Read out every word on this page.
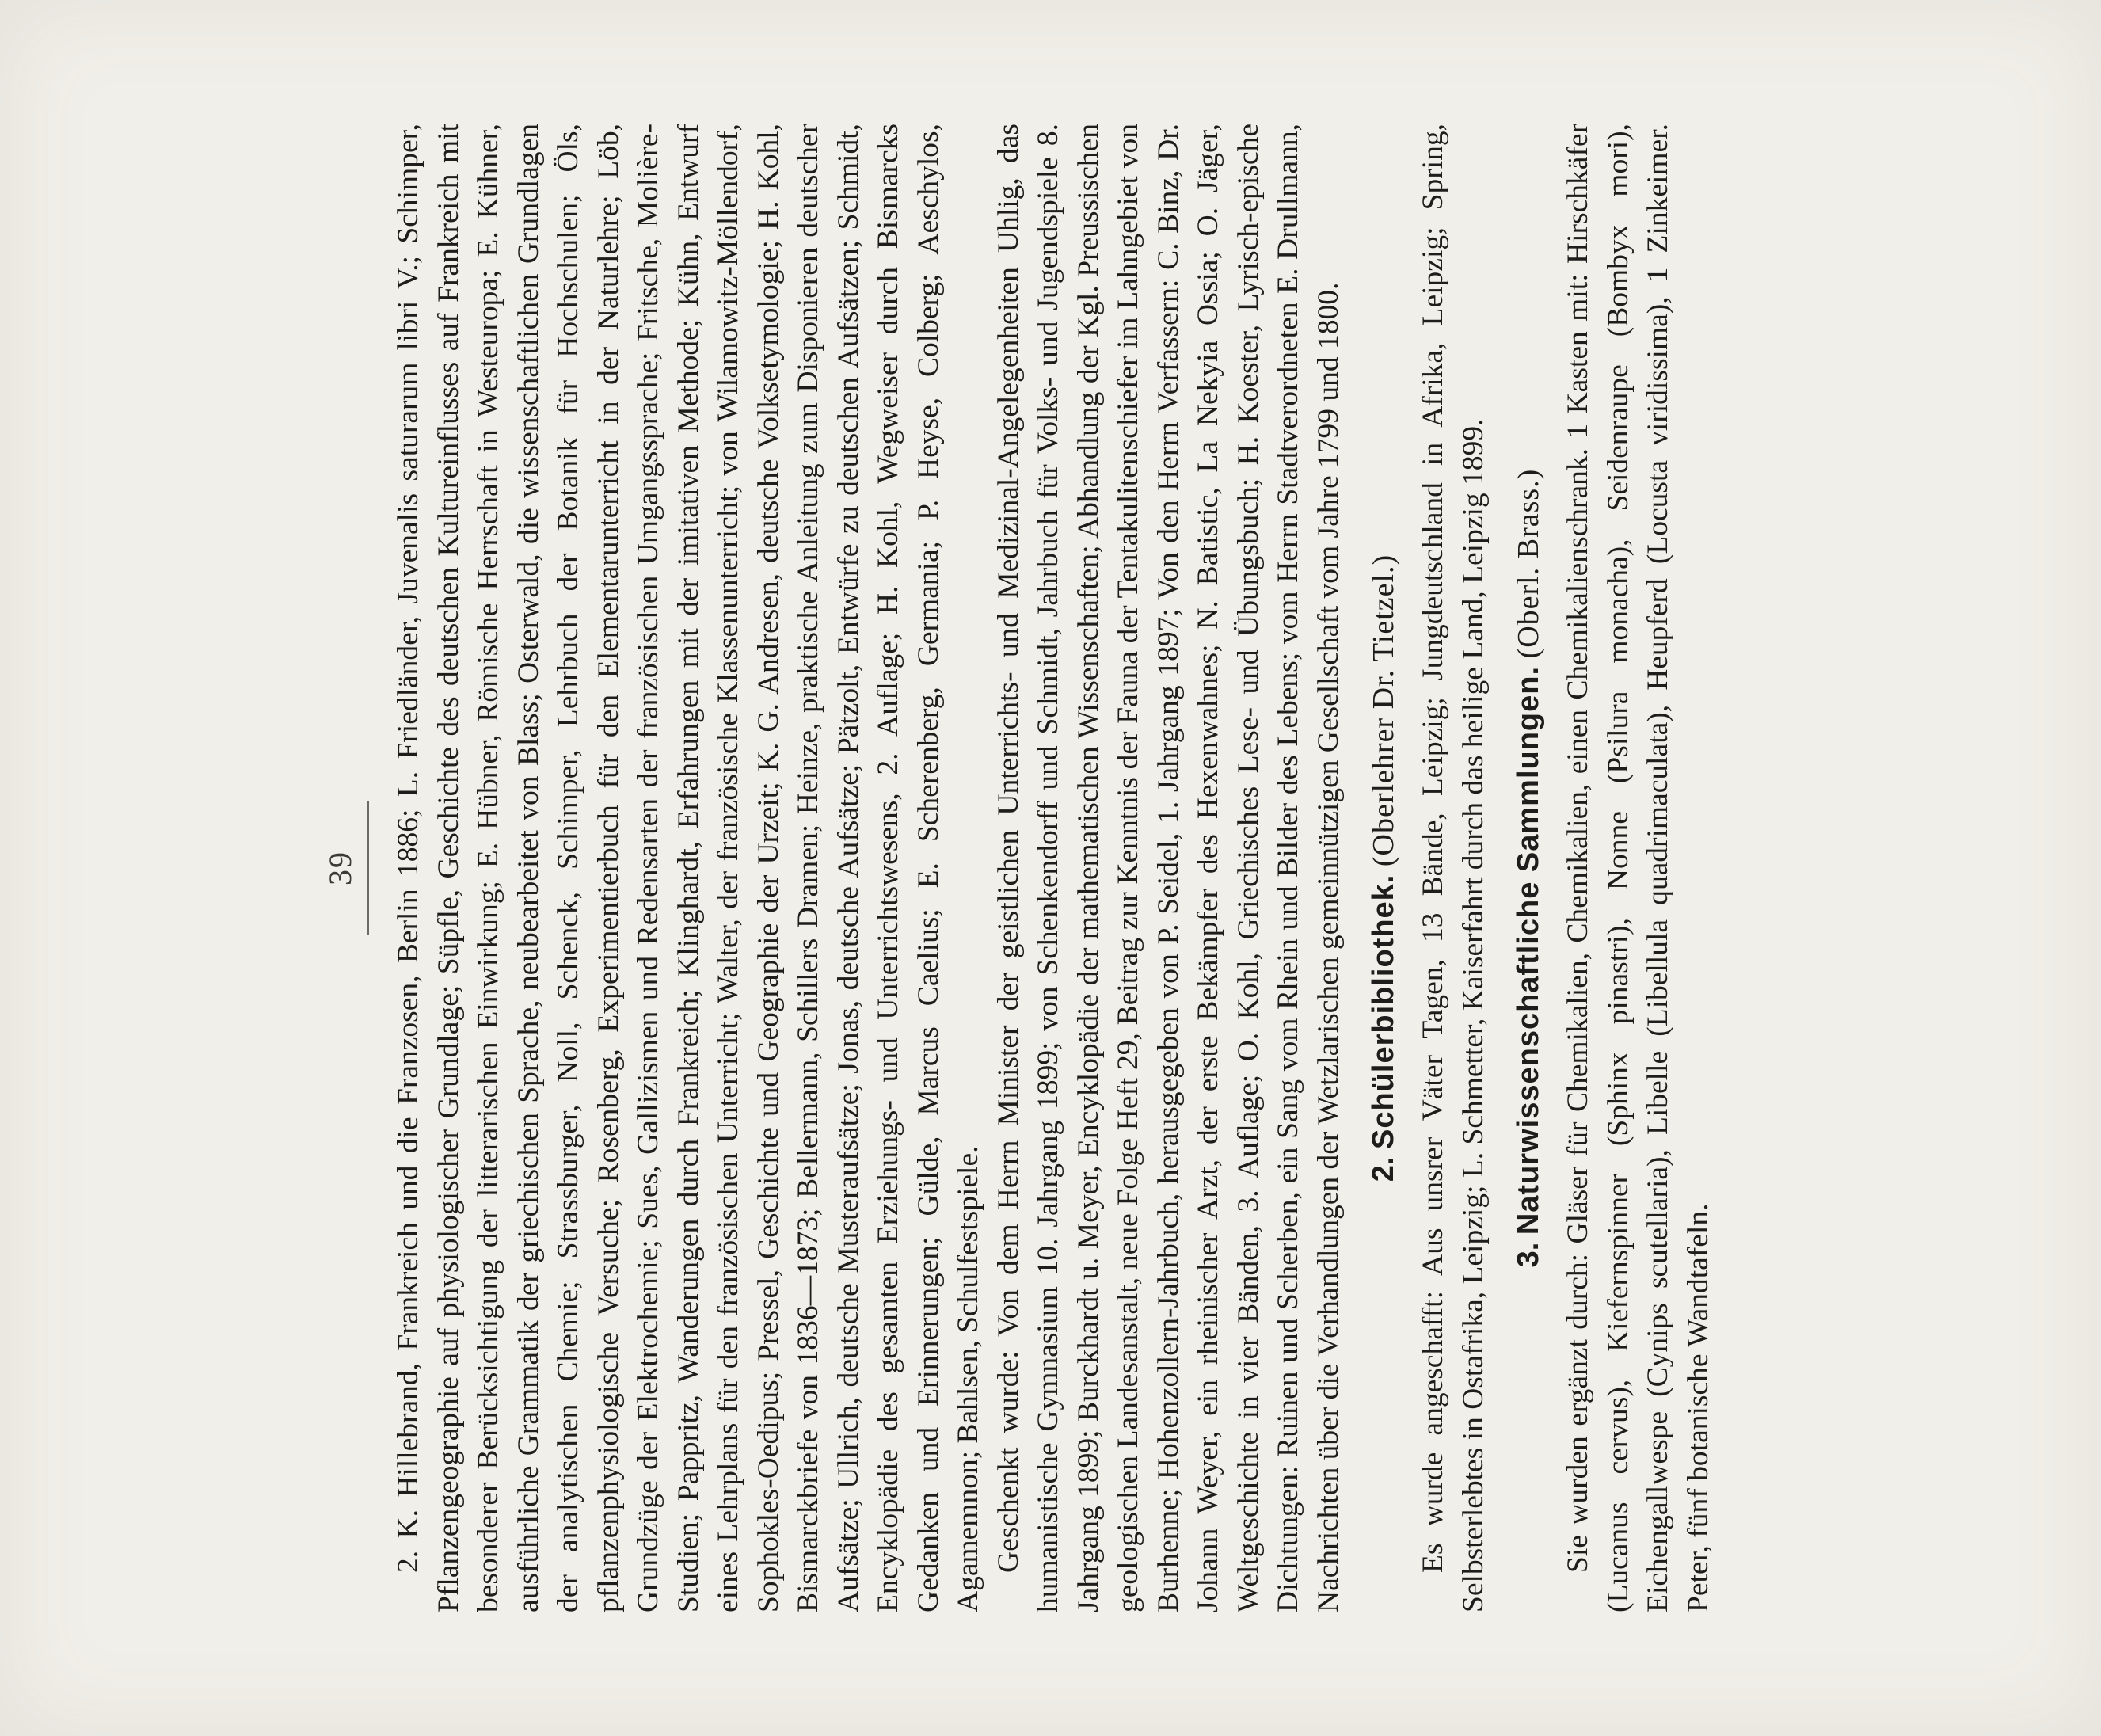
39	2. K. Hillebrand, Frankreich und die Franzosen, Berlin 1886; L. Friedländer, Juvenalis saturarum libri V.; Schimper, Pflanzengeographie auf physiologischer Grundlage; Süpfle, Geschichte des deutschen Kultureinflusses auf Frankreich mit besonderer Berücksichtigung der litterarischen Einwirkung; E. Hübner, Römische Herrschaft in Westeuropa; E. Kühner, ausführliche Grammatik der griechischen Sprache, neubearbeitet von Blass; Osterwald, die wissenschaftlichen Grundlagen der analytischen Chemie; Strassburger, Noll, Schenck, Schimper, Lehrbuch der Botanik für Hochschulen; Öls, pflanzenphysiologische Versuche; Rosenberg, Experimentierbuch für den Elementarunterricht in der Naturlehre; Löb, Grundzüge der Elektrochemie; Sues, Gallizismen und Redensarten der französischen Umgangssprache; Fritsche, Molière-Studien; Pappritz, Wanderungen durch Frankreich; Klinghardt, Erfahrungen mit der imitativen Methode; Kühn, Entwurf eines Lehrplans für den französischen Unterricht; Walter, der französische Klassenunterricht; von Wilamowitz-Möllendorf, Sophokles-Oedipus; Pressel, Geschichte und Geographie der Urzeit; K. G. Andresen, deutsche Volksetymologie; H. Kohl, Bismarckbriefe von 1836—1873; Bellermann, Schillers Dramen; Heinze, praktische Anleitung zum Disponieren deutscher Aufsätze; Ullrich, deutsche Musteraufsätze; Jonas, deutsche Aufsätze; Pätzolt, Entwürfe zu deutschen Aufsätzen; Schmidt, Encyklopädie des gesamten Erziehungs- und Unterrichtswesens, 2. Auflage; H. Kohl, Wegweiser durch Bismarcks Gedanken und Erinnerungen; Gülde, Marcus Caelius; E. Scherenberg, Germania; P. Heyse, Colberg; Aeschylos, Agamemnon; Bahlsen, Schulfestspiele. Geschenkt wurde: Von dem Herrn Minister der geistlichen Unterrichts- und Medizinal-Angelegenheiten Uhlig, das humanistische Gymnasium 10. Jahrgang 1899; von Schenkendorff und Schmidt, Jahrbuch für Volks- und Jugendspiele 8. Jahrgang 1899; Burckhardt u. Meyer, Encyklopädie der mathematischen Wissenschaften; Abhandlung der Kgl. Preussischen geologischen Landesanstalt, neue Folge Heft 29, Beitrag zur Kenntnis der Fauna der Tentakulitenschiefer im Lahngebiet von Burhenne; Hohenzollern-Jahrbuch, herausgegeben von P. Seidel, 1. Jahrgang 1897; Von den Herrn Verfassern: C. Binz, Dr. Johann Weyer, ein rheinischer Arzt, der erste Bekämpfer des Hexenwahnes; N. Batistic, La Nekyia Ossia; O. Jäger, Weltgeschichte in vier Bänden, 3. Auflage; O. Kohl, Griechisches Lese- und Übungsbuch; H. Koester, Lyrisch-epische Dichtungen: Ruinen und Scherben, ein Sang vom Rhein und Bilder des Lebens; vom Herrn Stadtverordneten E. Drullmann, Nachrichten über die Verhandlungen der Wetzlarischen gemeinnützigen Gesellschaft vom Jahre 1799 und 1800. 2. Schülerbibliothek. (Oberlehrer Dr. Tietzel.) Es wurde angeschafft: Aus unsrer Väter Tagen, 13 Bände, Leipzig; Jungdeutschland in Afrika, Leipzig; Spring, Selbsterlebtes in Ostafrika, Leipzig; L. Schmetter, Kaiserfahrt durch das heilige Land, Leipzig 1899. 3. Naturwissenschaftliche Sammlungen. (Oberl. Brass.) Sie wurden ergänzt durch: Gläser für Chemikalien, Chemikalien, einen Chemikalienschrank. 1 Kasten mit: Hirschkäfer (Lucanus cervus), Kiefernspinner (Sphinx pinastri), Nonne (Psilura monacha), Seidenraupe (Bombyx mori), Eichengallwespe (Cynips scutellaria), Libelle (Libellula quadrimaculata), Heupferd (Locusta viridissima), 1 Zinkeimer. Peter, fünf botanische Wandtafeln.
